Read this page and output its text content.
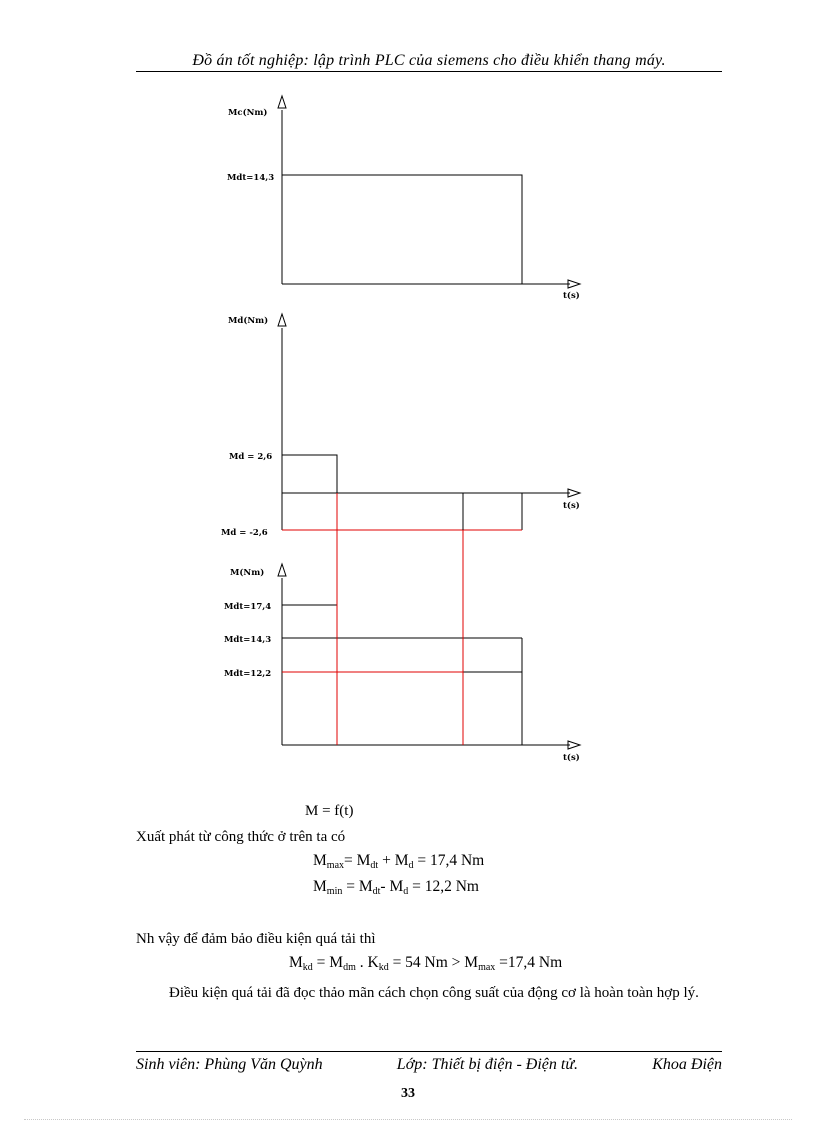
Đồ án tốt nghiệp: lập trình PLC của siemens cho điều khiển thang máy.
Mc(Nm)
Mdt=14,3
t(s)
Md(Nm)
Md = 2,6
Md = -2,6
t(s)
M(Nm)
Mdt=17,4
Mdt=14,3
Mdt=12,2
t(s)
M = f(t)
Xuất phát từ công thức ở trên ta có
$M_{max}= M_{dt} + M_d = 17,4$ Nm
$M_{min} = M_{dt}-$ $M_d = 12,2$ Nm
Nh vậy để đảm bảo điều kiện quá tải thì
$M_{kd} = M_{dm}$ . $K_{kd} = 54$ $Nm > M_{max} =17,4$ Nm
Điều kiện quá tải đã đọc thảo mãn cách chọn công suất của động cơ là hoàn toàn hợp lý.
Sinh viên: Phùng Văn Quỳnh	Lớp: Thiết bị điện - Điện tử.	Khoa Điện
33
